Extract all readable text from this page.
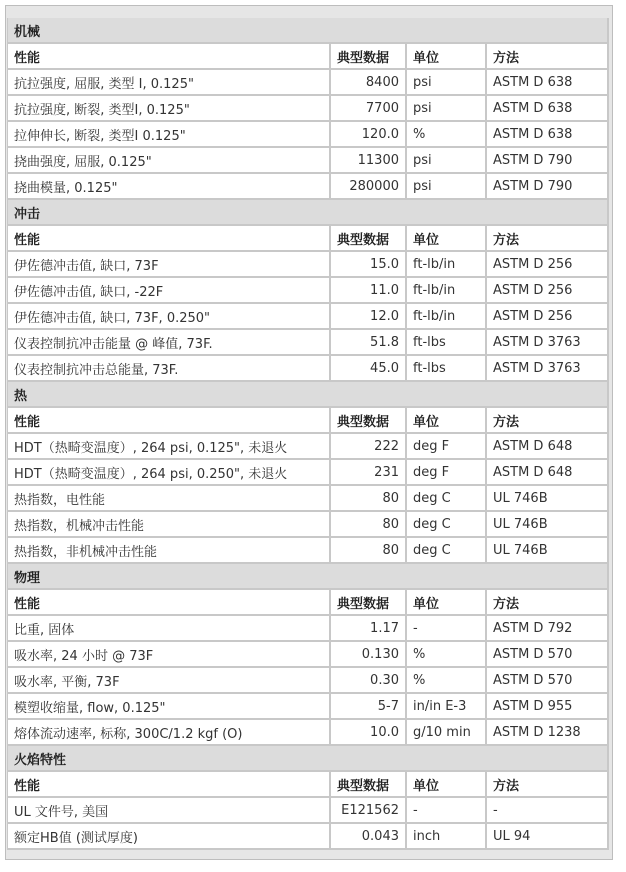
机械			
性能	典型数据	单位	方法
抗拉强度, 屈服, 类型 I, 0.125"	8400	psi	ASTM D 638
抗拉强度, 断裂, 类型I, 0.125"	7700	psi	ASTM D 638
拉伸伸长, 断裂, 类型I 0.125"	120.0	%	ASTM D 638
挠曲强度, 屈服, 0.125"	11300	psi	ASTM D 790
挠曲模量, 0.125"	280000	psi	ASTM D 790
冲击			
性能	典型数据	单位	方法
伊佐德冲击值, 缺口, 73F	15.0	ft-lb/in	ASTM D 256
伊佐德冲击值, 缺口, -22F	11.0	ft-lb/in	ASTM D 256
伊佐德冲击值, 缺口, 73F, 0.250"	12.0	ft-lb/in	ASTM D 256
仪表控制抗冲击能量 @ 峰值, 73F.	51.8	ft-lbs	ASTM D 3763
仪表控制抗冲击总能量, 73F.	45.0	ft-lbs	ASTM D 3763
热			
性能	典型数据	单位	方法
HDT（热畸变温度）, 264 psi, 0.125", 未退火	222	deg F	ASTM D 648
HDT（热畸变温度）, 264 psi, 0.250", 未退火	231	deg F	ASTM D 648
热指数，电性能	80	deg C	UL 746B
热指数，机械冲击性能	80	deg C	UL 746B
热指数，非机械冲击性能	80	deg C	UL 746B
物理			
性能	典型数据	单位	方法
比重, 固体	1.17	-	ASTM D 792
吸水率, 24 小时 @ 73F	0.130	%	ASTM D 570
吸水率, 平衡, 73F	0.30	%	ASTM D 570
模塑收缩量, flow, 0.125"	5-7	in/in E-3	ASTM D 955
熔体流动速率, 标称, 300C/1.2 kgf (O)	10.0	g/10 min	ASTM D 1238
火焰特性			
性能	典型数据	单位	方法
UL 文件号, 美国	E121562	-	-
额定HB值 (测试厚度)	0.043	inch	UL 94
